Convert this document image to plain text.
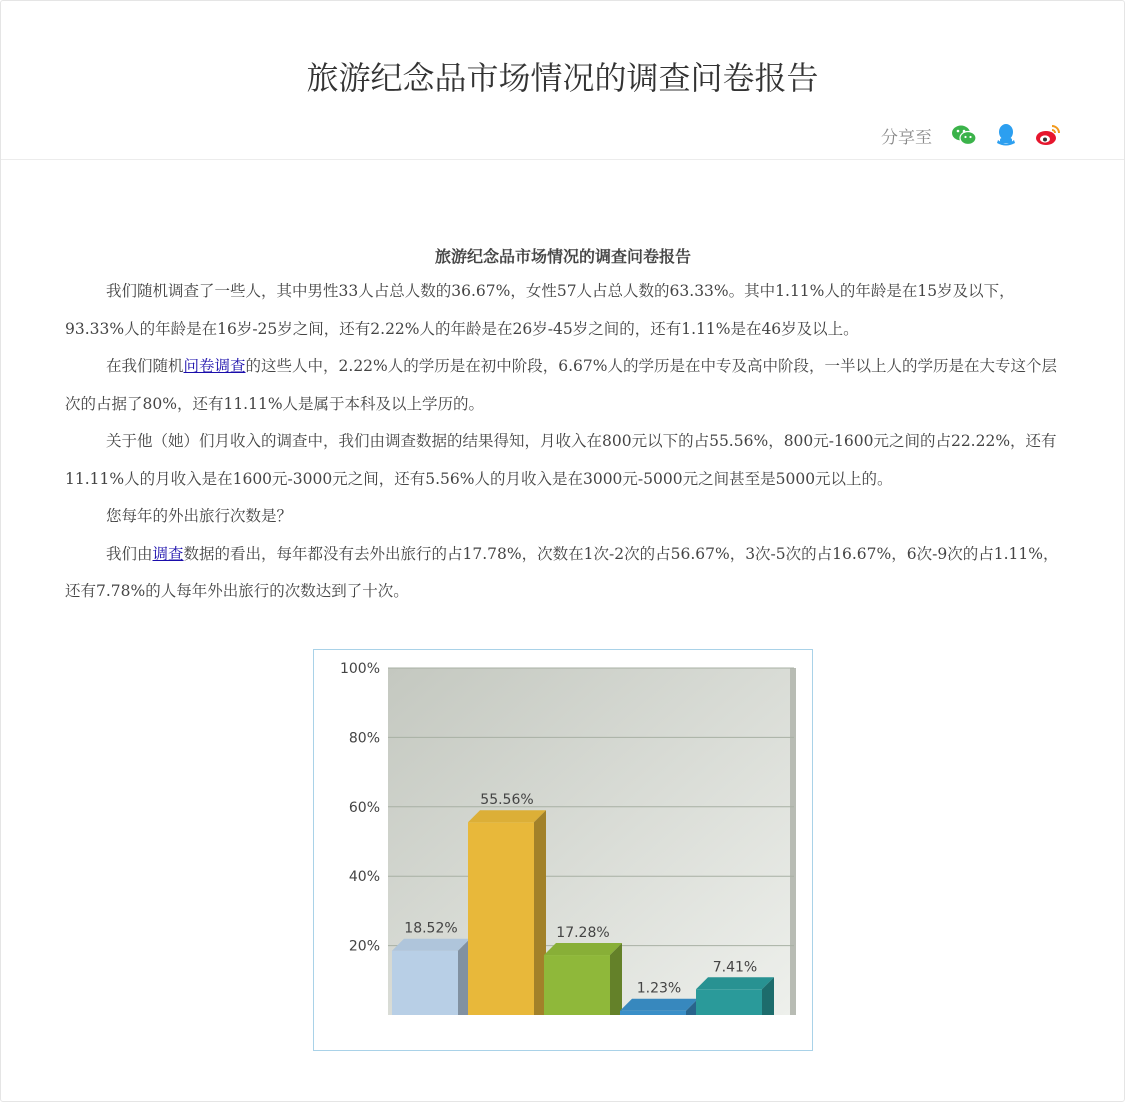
旅游纪念品市场情况的调查问卷报告
分享至
旅游纪念品市场情况的调查问卷报告

我们随机调查了一些人，其中男性33人占总人数的36.67%，女性57人占总人数的63.33%。其中1.11%人的年龄是在15岁及以下，93.33%人的年龄是在16岁-25岁之间，还有2.22%人的年龄是在26岁-45岁之间的，还有1.11%是在46岁及以上。

在我们随机问卷调查的这些人中，2.22%人的学历是在初中阶段，6.67%人的学历是在中专及高中阶段，一半以上人的学历是在大专这个层次的占据了80%，还有11.11%人是属于本科及以上学历的。

关于他（她）们月收入的调查中，我们由调查数据的结果得知，月收入在800元以下的占55.56%，800元-1600元之间的占22.22%，还有11.11%人的月收入是在1600元-3000元之间，还有5.56%人的月收入是在3000元-5000元之间甚至是5000元以上的。

您每年的外出旅行次数是？

我们由调查数据的看出，每年都没有去外出旅行的占17.78%，次数在1次-2次的占56.67%，3次-5次的占16.67%，6次-9次的占1.11%，还有7.78%的人每年外出旅行的次数达到了十次。

100%
80%
60%
40%
20%
18.52%
55.56%
17.28%
1.23%
7.41%
